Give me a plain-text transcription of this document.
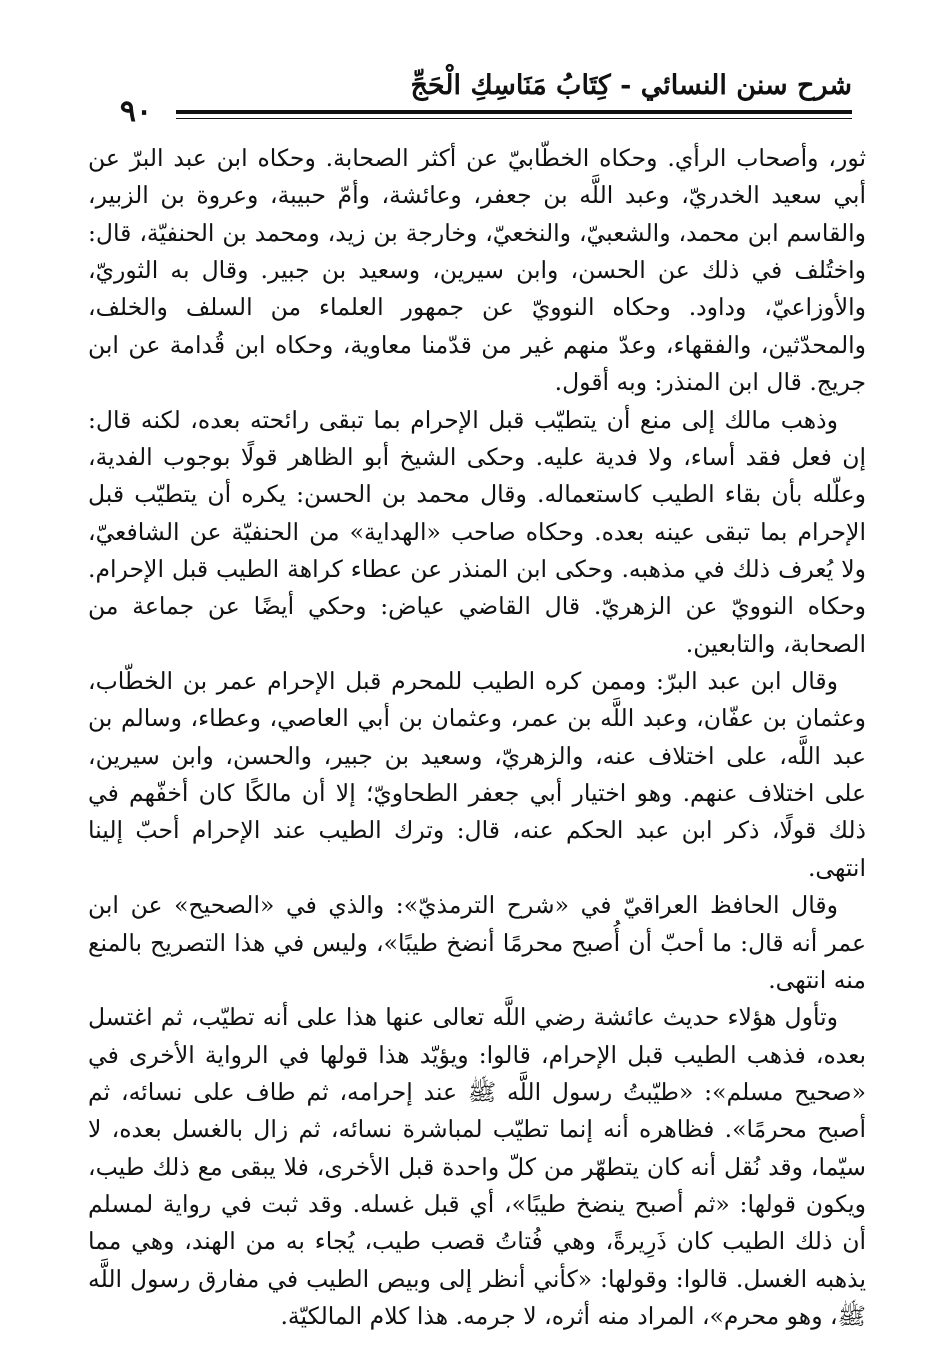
شرح سنن النسائي - كِتَابُ مَنَاسِكِ الْحَجِّ
٩٠

ثور، وأصحاب الرأي. وحكاه الخطّابيّ عن أكثر الصحابة. وحكاه ابن عبد البرّ عن أبي سعيد الخدريّ، وعبد اللَّه بن جعفر، وعائشة، وأمّ حبيبة، وعروة بن الزبير، والقاسم ابن محمد، والشعبيّ، والنخعيّ، وخارجة بن زيد، ومحمد بن الحنفيّة، قال: واختُلف في ذلك عن الحسن، وابن سيرين، وسعيد بن جبير. وقال به الثوريّ، والأوزاعيّ، وداود. وحكاه النوويّ عن جمهور العلماء من السلف والخلف، والمحدّثين، والفقهاء، وعدّ منهم غير من قدّمنا معاوية، وحكاه ابن قُدامة عن ابن جريج. قال ابن المنذر: وبه أقول.

وذهب مالك إلى منع أن يتطيّب قبل الإحرام بما تبقى رائحته بعده، لكنه قال: إن فعل فقد أساء، ولا فدية عليه. وحكى الشيخ أبو الظاهر قولًا بوجوب الفدية، وعلّله بأن بقاء الطيب كاستعماله. وقال محمد بن الحسن: يكره أن يتطيّب قبل الإحرام بما تبقى عينه بعده. وحكاه صاحب «الهداية» من الحنفيّة عن الشافعيّ، ولا يُعرف ذلك في مذهبه. وحكى ابن المنذر عن عطاء كراهة الطيب قبل الإحرام. وحكاه النوويّ عن الزهريّ. قال القاضي عياض: وحكي أيضًا عن جماعة من الصحابة، والتابعين.

وقال ابن عبد البرّ: وممن كره الطيب للمحرم قبل الإحرام عمر بن الخطّاب، وعثمان بن عفّان، وعبد اللَّه بن عمر، وعثمان بن أبي العاصي، وعطاء، وسالم بن عبد اللَّه، على اختلاف عنه، والزهريّ، وسعيد بن جبير، والحسن، وابن سيرين، على اختلاف عنهم. وهو اختيار أبي جعفر الطحاويّ؛ إلا أن مالكًا كان أخفّهم في ذلك قولًا، ذكر ابن عبد الحكم عنه، قال: وترك الطيب عند الإحرام أحبّ إلينا انتهى.

وقال الحافظ العراقيّ في «شرح الترمذيّ»: والذي في «الصحيح» عن ابن عمر أنه قال: ما أحبّ أن أُصبح محرمًا أنضخ طيبًا»، وليس في هذا التصريح بالمنع منه انتهى.

وتأول هؤلاء حديث عائشة رضي اللَّه تعالى عنها هذا على أنه تطيّب، ثم اغتسل بعده، فذهب الطيب قبل الإحرام، قالوا: ويؤيّد هذا قولها في الرواية الأخرى في «صحيح مسلم»: «طيّبتُ رسول اللَّه ﷺ عند إحرامه، ثم طاف على نسائه، ثم أصبح محرمًا». فظاهره أنه إنما تطيّب لمباشرة نسائه، ثم زال بالغسل بعده، لا سيّما، وقد نُقل أنه كان يتطهّر من كلّ واحدة قبل الأخرى، فلا يبقى مع ذلك طيب، ويكون قولها: «ثم أصبح ينضخ طيبًا»، أي قبل غسله. وقد ثبت في رواية لمسلم أن ذلك الطيب كان ذَرِيرةً، وهي فُتاتُ قصب طيب، يُجاء به من الهند، وهي مما يذهبه الغسل. قالوا: وقولها: «كأني أنظر إلى وبيص الطيب في مفارق رسول اللَّه ﷺ، وهو محرم»، المراد منه أثره، لا جرمه. هذا كلام المالكيّة.
